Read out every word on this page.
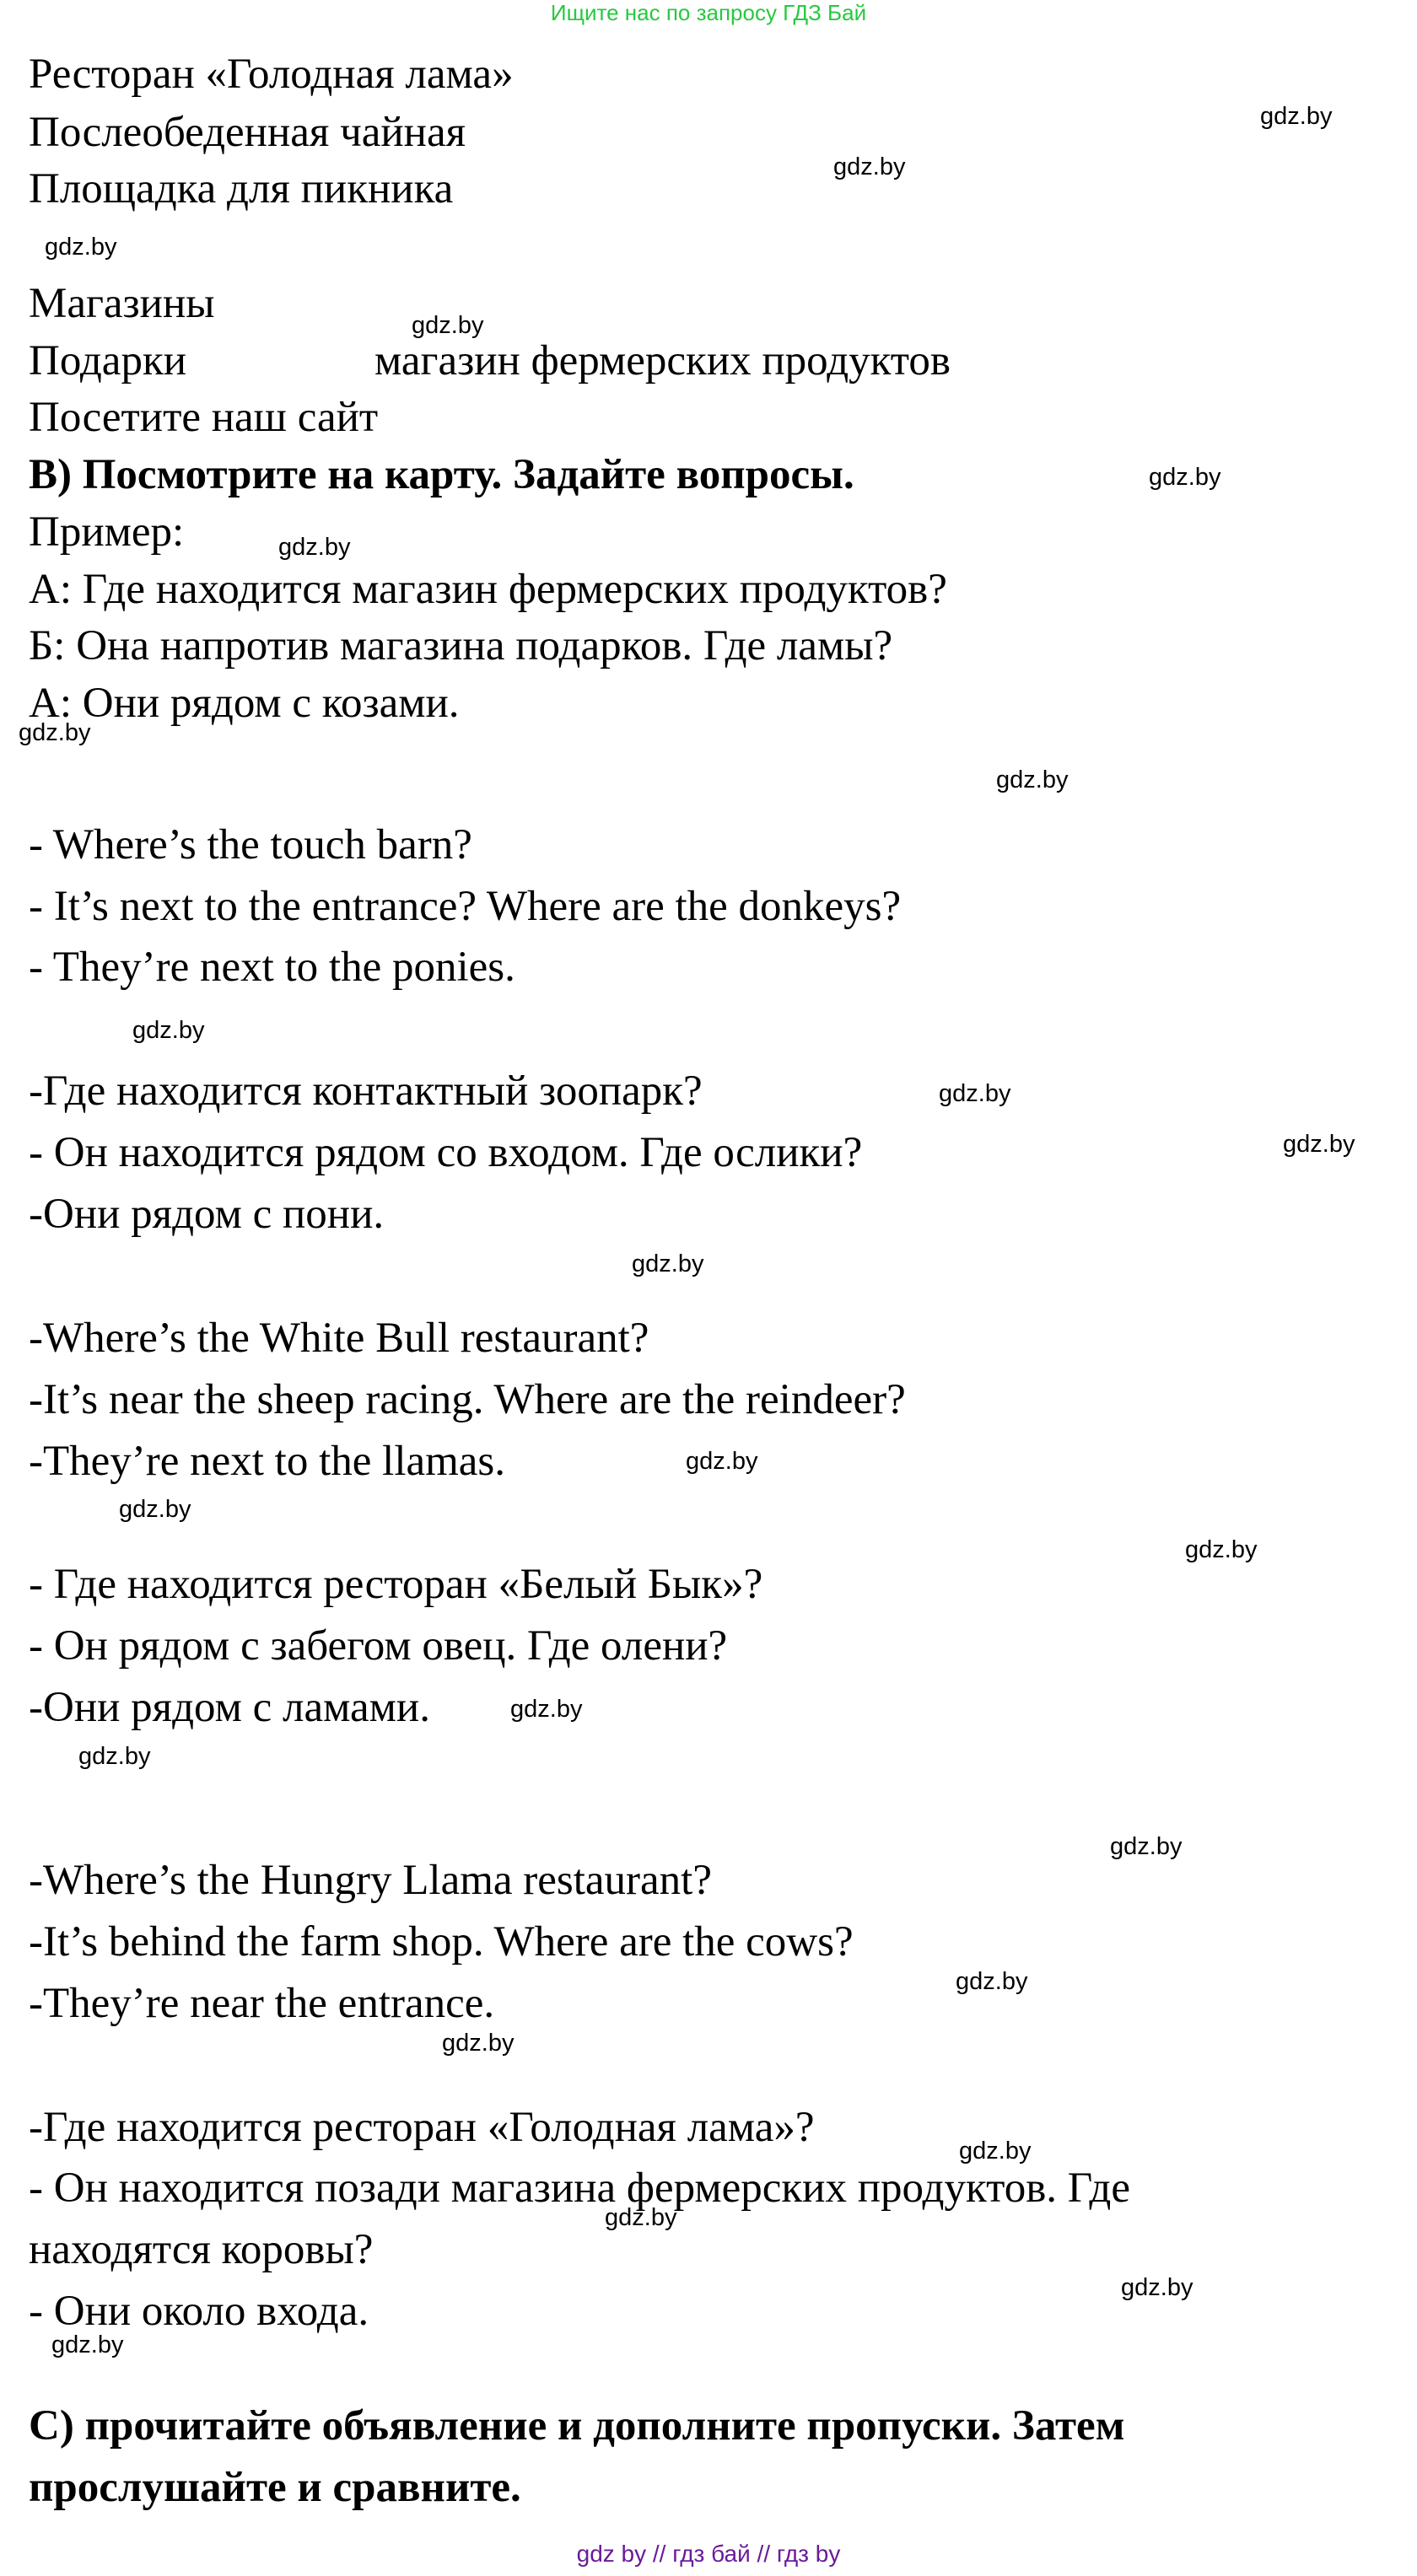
Ищите нас по запросу ГДЗ Бай
Ресторан «Голодная лама»
Послеобеденная чайная
Площадка для пикника
Магазины
Подарки	магазин фермерских продуктов
Посетите наш сайт
B) Посмотрите на карту. Задайте вопросы.
Пример:
А: Где находится магазин фермерских продуктов?
Б: Она напротив магазина подарков. Где ламы?
А: Они рядом с козами.
- Where’s the touch barn?
- It’s next to the entrance? Where are the donkeys?
- They’re next to the ponies.
-Где находится контактный зоопарк?
- Он находится рядом со входом. Где ослики?
-Они рядом с пони.
-Where’s the White Bull restaurant?
-It’s near the sheep racing. Where are the reindeer?
-They’re next to the llamas.
- Где находится ресторан «Белый Бык»?
- Он рядом с забегом овец. Где олени?
-Они рядом с ламами.
-Where’s the Hungry Llama restaurant?
-It’s behind the farm shop. Where are the cows?
-They’re near the entrance.
-Где находится ресторан «Голодная лама»?
- Он находится позади магазина фермерских продуктов. Где
находятся коровы?
- Они около входа.
С) прочитайте объявление и дополните пропуски. Затем
прослушайте и сравните.
gdz.by
gdz.by
gdz.by
gdz.by
gdz.by
gdz.by
gdz.by
gdz.by
gdz.by
gdz.by
gdz.by
gdz.by
gdz.by
gdz.by
gdz.by
gdz.by
gdz.by
gdz.by
gdz.by
gdz.by
gdz.by
gdz.by
gdz.by
gdz.by
gdz by // гдз бай // гдз by
